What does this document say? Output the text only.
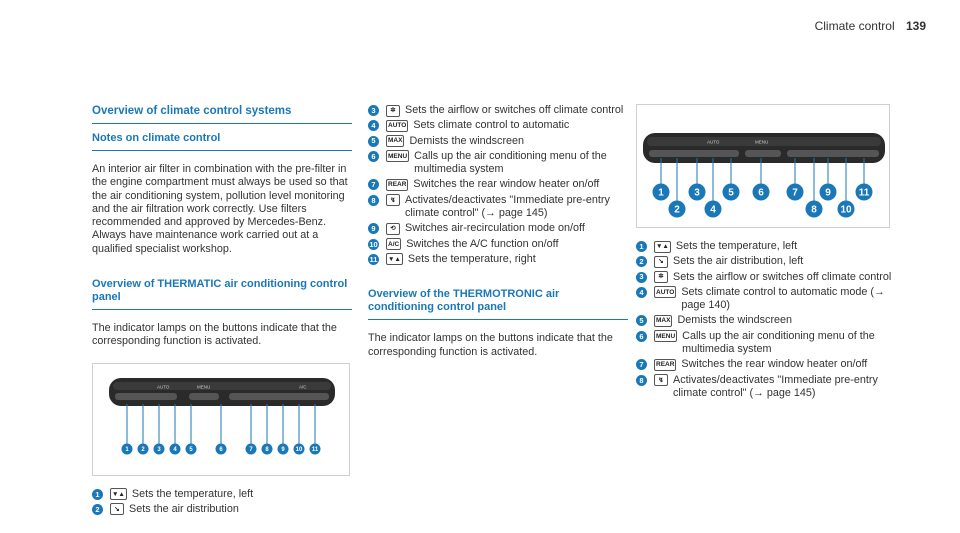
Climate control 139
Overview of climate control systems
Notes on climate control
An interior air filter in combination with the pre-filter in the engine compartment must always be used so that the air conditioning system, pollution level monitoring and the air filtration work correctly. Use filters recommended and approved by Mercedes-Benz. Always have maintenance work carried out at a qualified specialist workshop.
Overview of THERMATIC air conditioning control panel
The indicator lamps on the buttons indicate that the corresponding function is activated.
AUTO	MENU	A/C
1 2 3 4 5	6	7 8 9 10 11
1	▼▲ Sets the temperature, left
2	↘ Sets the air distribution
3	✲ Sets the airflow or switches off climate control
4	AUTO Sets climate control to automatic
5	MAX Demists the windscreen
6	MENU Calls up the air conditioning menu of the multimedia system
7	REAR Switches the rear window heater on/off
8	↯ Activates/deactivates "Immediate pre-entry climate control" (→ page 145)
9	⟲ Switches air-recirculation mode on/off
10	A/C Switches the A/C function on/off
11	▼▲ Sets the temperature, right
Overview of the THERMOTRONIC air conditioning control panel
The indicator lamps on the buttons indicate that the corresponding function is activated.
AUTO	MENU
1
2
3
4
5 6	7
8
9
10
11
1	▼▲ Sets the temperature, left
2	↘ Sets the air distribution, left
3	✲ Sets the airflow or switches off climate control
4	AUTO Sets climate control to automatic mode (→ page 140)
5	MAX Demists the windscreen
6	MENU Calls up the air conditioning menu of the multimedia system
7	REAR Switches the rear window heater on/off
8	↯ Activates/deactivates "Immediate pre-entry climate control" (→ page 145)
